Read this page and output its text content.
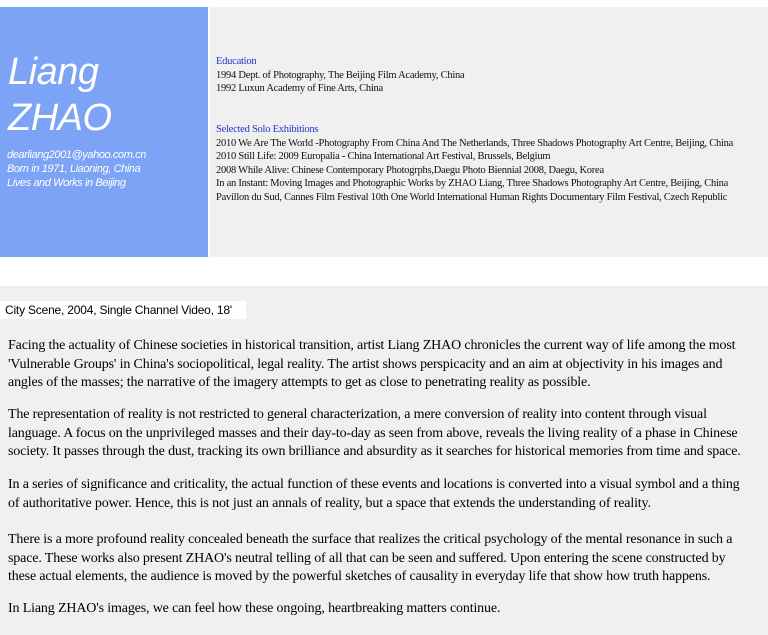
Liang
ZHAO
dearliang2001@yahoo.com.cn
Born in 1971, Liaoning, China
Lives and Works in Beijing
Education
1994 Dept. of Photography, The Beijing Film Academy, China
1992 Luxun Academy of Fine Arts, China
Selected Solo Exhibitions
2010 We Are The World -Photography From China And The Netherlands, Three Shadows Photography Art Centre, Beijing, China
2010 Still Life: 2009 Europalia - China International Art Festival, Brussels, Belgium
2008 While Alive: Chinese Contemporary Photogrphs,Daegu Photo Biennial 2008, Daegu, Korea
In an Instant: Moving Images and Photographic Works by ZHAO Liang, Three Shadows Photography Art Centre, Beijing, China
Pavillon du Sud, Cannes Film Festival 10th One World International Human Rights Documentary Film Festival, Czech Republic
City Scene, 2004, Single Channel Video, 18'

Facing the actuality of Chinese societies in historical transition, artist Liang ZHAO chronicles the current way of life among the most 'Vulnerable Groups' in China's sociopolitical, legal reality. The artist shows perspicacity and an aim at objectivity in his images and angles of the masses; the narrative of the imagery attempts to get as close to penetrating reality as possible.

The representation of reality is not restricted to general characterization, a mere conversion of reality into content through visual language. A focus on the unprivileged masses and their day-to-day as seen from above, reveals the living reality of a phase in Chinese society. It passes through the dust, tracking its own brilliance and absurdity as it searches for historical memories from time and space.

In a series of significance and criticality, the actual function of these events and locations is converted into a visual symbol and a thing of authoritative power. Hence, this is not just an annals of reality, but a space that extends the understanding of reality.

There is a more profound reality concealed beneath the surface that realizes the critical psychology of the mental resonance in such a space. These works also present ZHAO's neutral telling of all that can be seen and suffered. Upon entering the scene constructed by these actual elements, the audience is moved by the powerful sketches of causality in everyday life that show how truth happens.

In Liang ZHAO's images, we can feel how these ongoing, heartbreaking matters continue.
